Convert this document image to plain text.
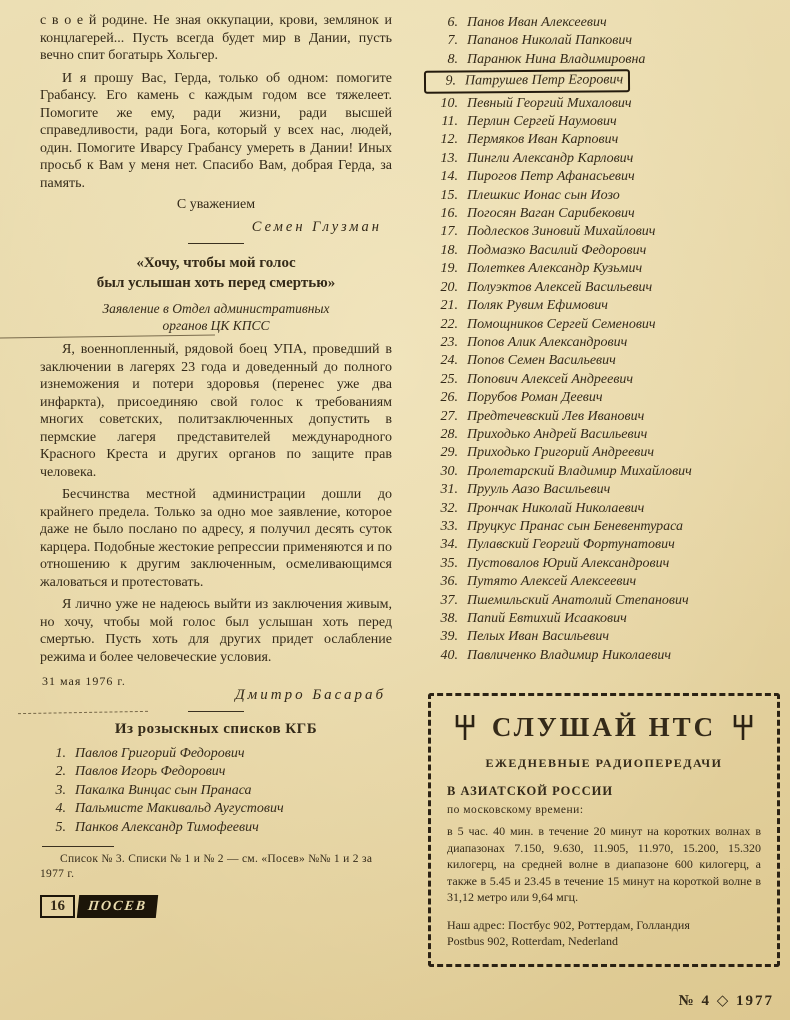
с в о е й родине. Не зная оккупации, крови, землянок и концлагерей... Пусть всегда будет мир в Дании, пусть вечно спит богатырь Хольгер.

И я прошу Вас, Герда, только об одном: помогите Грабансу. Его камень с каждым годом все тяжелеет. Помогите же ему, ради жизни, ради высшей справедливости, ради Бога, который у всех нас, людей, один. Помогите Иварсу Грабансу умереть в Дании! Иных просьб к Вам у меня нет. Спасибо Вам, добрая Герда, за память.

С уважением
Семен Глузман
«Хочу, чтобы мой голос
был услышан хоть перед смертью»
Заявление в Отдел административных
органов ЦК КПСС

Я, военнопленный, рядовой боец УПА, проведший в заключении в лагерях 23 года и доведенный до полного изнеможения и потери здоровья (перенес уже два инфаркта), присоединяю свой голос к требованиям многих советских, политзаключенных допустить в пермские лагеря представителей международного Красного Креста и других органов по защите прав человека.

Бесчинства местной администрации дошли до крайнего предела. Только за одно мое заявление, которое даже не было послано по адресу, я получил десять суток карцера. Подобные жестокие репрессии применяются и по отношению к другим заключенным, осмеливающимся жаловаться и протестовать.

Я лично уже не надеюсь выйти из заключения живым, но хочу, чтобы мой голос был услышан хоть перед смертью. Пусть хоть для других придет ослабление режима и более человеческие условия.

31 мая 1976 г.
Дмитро Басараб
Из розыскных списков КГБ
1. Павлов Григорий Федорович
2. Павлов Игорь Федорович
3. Пакалка Винцас сын Пранаса
4. Пальмисте Макивальд Аугустович
5. Панков Александр Тимофеевич
Список № 3. Списки № 1 и № 2 — см. «Посев» №№ 1 и 2 за 1977 г.
16	ПОСЕВ
6. Панов Иван Алексеевич
7. Папанов Николай Папкович
8. Паранюк Нина Владимировна
9. Патрушев Петр Егорович
10. Певный Георгий Михалович
11. Перлин Сергей Наумович
12. Пермяков Иван Карпович
13. Пингли Александр Карлович
14. Пирогов Петр Афанасьевич
15. Плешкис Ионас сын Иозо
16. Погосян Ваган Сарибекович
17. Подлесков Зиновий Михайлович
18. Подмазко Василий Федорович
19. Полеткев Александр Кузьмич
20. Полуэктов Алексей Васильевич
21. Поляк Рувим Ефимович
22. Помощников Сергей Семенович
23. Попов Алик Александрович
24. Попов Семен Васильевич
25. Попович Алексей Андреевич
26. Порубов Роман Деевич
27. Предтечевский Лев Иванович
28. Приходько Андрей Васильевич
29. Приходько Григорий Андреевич
30. Пролетарский Владимир Михайлович
31. Прууль Аазо Васильевич
32. Прончак Николай Николаевич
33. Пруцкус Пранас сын Беневентураса
34. Пулавский Георгий Фортунатович
35. Пустовалов Юрий Александрович
36. Путято Алексей Алексеевич
37. Пшемильский Анатолий Степанович
38. Папий Евтихий Исаакович
39. Пелых Иван Васильевич
40. Павличенко Владимир Николаевич
СЛУШАЙ НТС
ЕЖЕДНЕВНЫЕ РАДИОПЕРЕДАЧИ
В АЗИАТСКОЙ РОССИИ
по московскому времени:
в 5 час. 40 мин. в течение 20 минут на коротких волнах в диапазонах 7.150, 9.630, 11.905, 11.970, 15.200, 15.320 килогерц, на средней волне в диапазоне 600 килогерц, а также в 5.45 и 23.45 в течение 15 минут на короткой волне в 31,12 метро или 9,64 мгц.
Наш адрес: Постбус 902, Роттердам, Голландия
Postbus 902, Rotterdam, Nederland
№ 4 ◇ 1977
